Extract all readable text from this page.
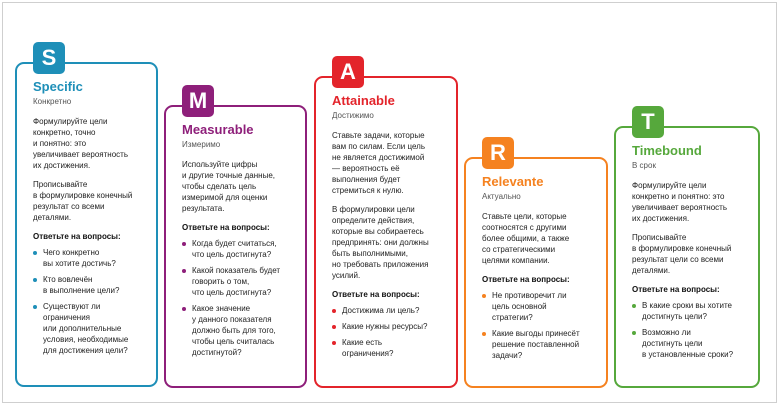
S

Specific

Конкретно

Формулируйте цели
конкретно, точно
и понятно: это
увеличивает вероятность
их достижения.

Прописывайте
в формулировке конечный
результат со всеми
деталями.

Ответьте на вопросы:

Чего конкретно
вы хотите достичь?
Кто вовлечён
в выполнение цели?
Существуют ли
ограничения
или дополнительные
условия, необходимые
для достижения цели?
M

Measurable

Измеримо

Используйте цифры
и другие точные данные,
чтобы сделать цель
измеримой для оценки
результата.

Ответьте на вопросы:

Когда будет считаться,
что цель достигнута?
Какой показатель будет
говорить о том,
что цель достигнута?
Какое значение
у данного показателя
должно быть для того,
чтобы цель считалась
достигнутой?
A

Attainable

Достижимо

Ставьте задачи, которые
вам по силам. Если цель
не является достижимой
— вероятность её
выполнения будет
стремиться к нулю.

В формулировки цели
определите действия,
которые вы собираетесь
предпринять: они должны
быть выполнимыми,
но требовать приложения
усилий.

Ответьте на вопросы:

Достижима ли цель?
Какие нужны ресурсы?
Какие есть
ограничения?
R

Relevante

Актуально

Ставьте цели, которые
соотносятся с другими
более общими, а также
со стратегическими
целями компании.

Ответьте на вопросы:

Не противоречит ли
цель основной
стратегии?
Какие выгоды принесёт
решение поставленной
задачи?
T

Timebound

В срок

Формулируйте цели
конкретно и понятно: это
увеличивает вероятность
их достижения.

Прописывайте
в формулировке конечный
результат цели со всеми
деталями.

Ответьте на вопросы:

В какие сроки вы хотите
достигнуть цели?
Возможно ли
достигнуть цели
в установленные сроки?
